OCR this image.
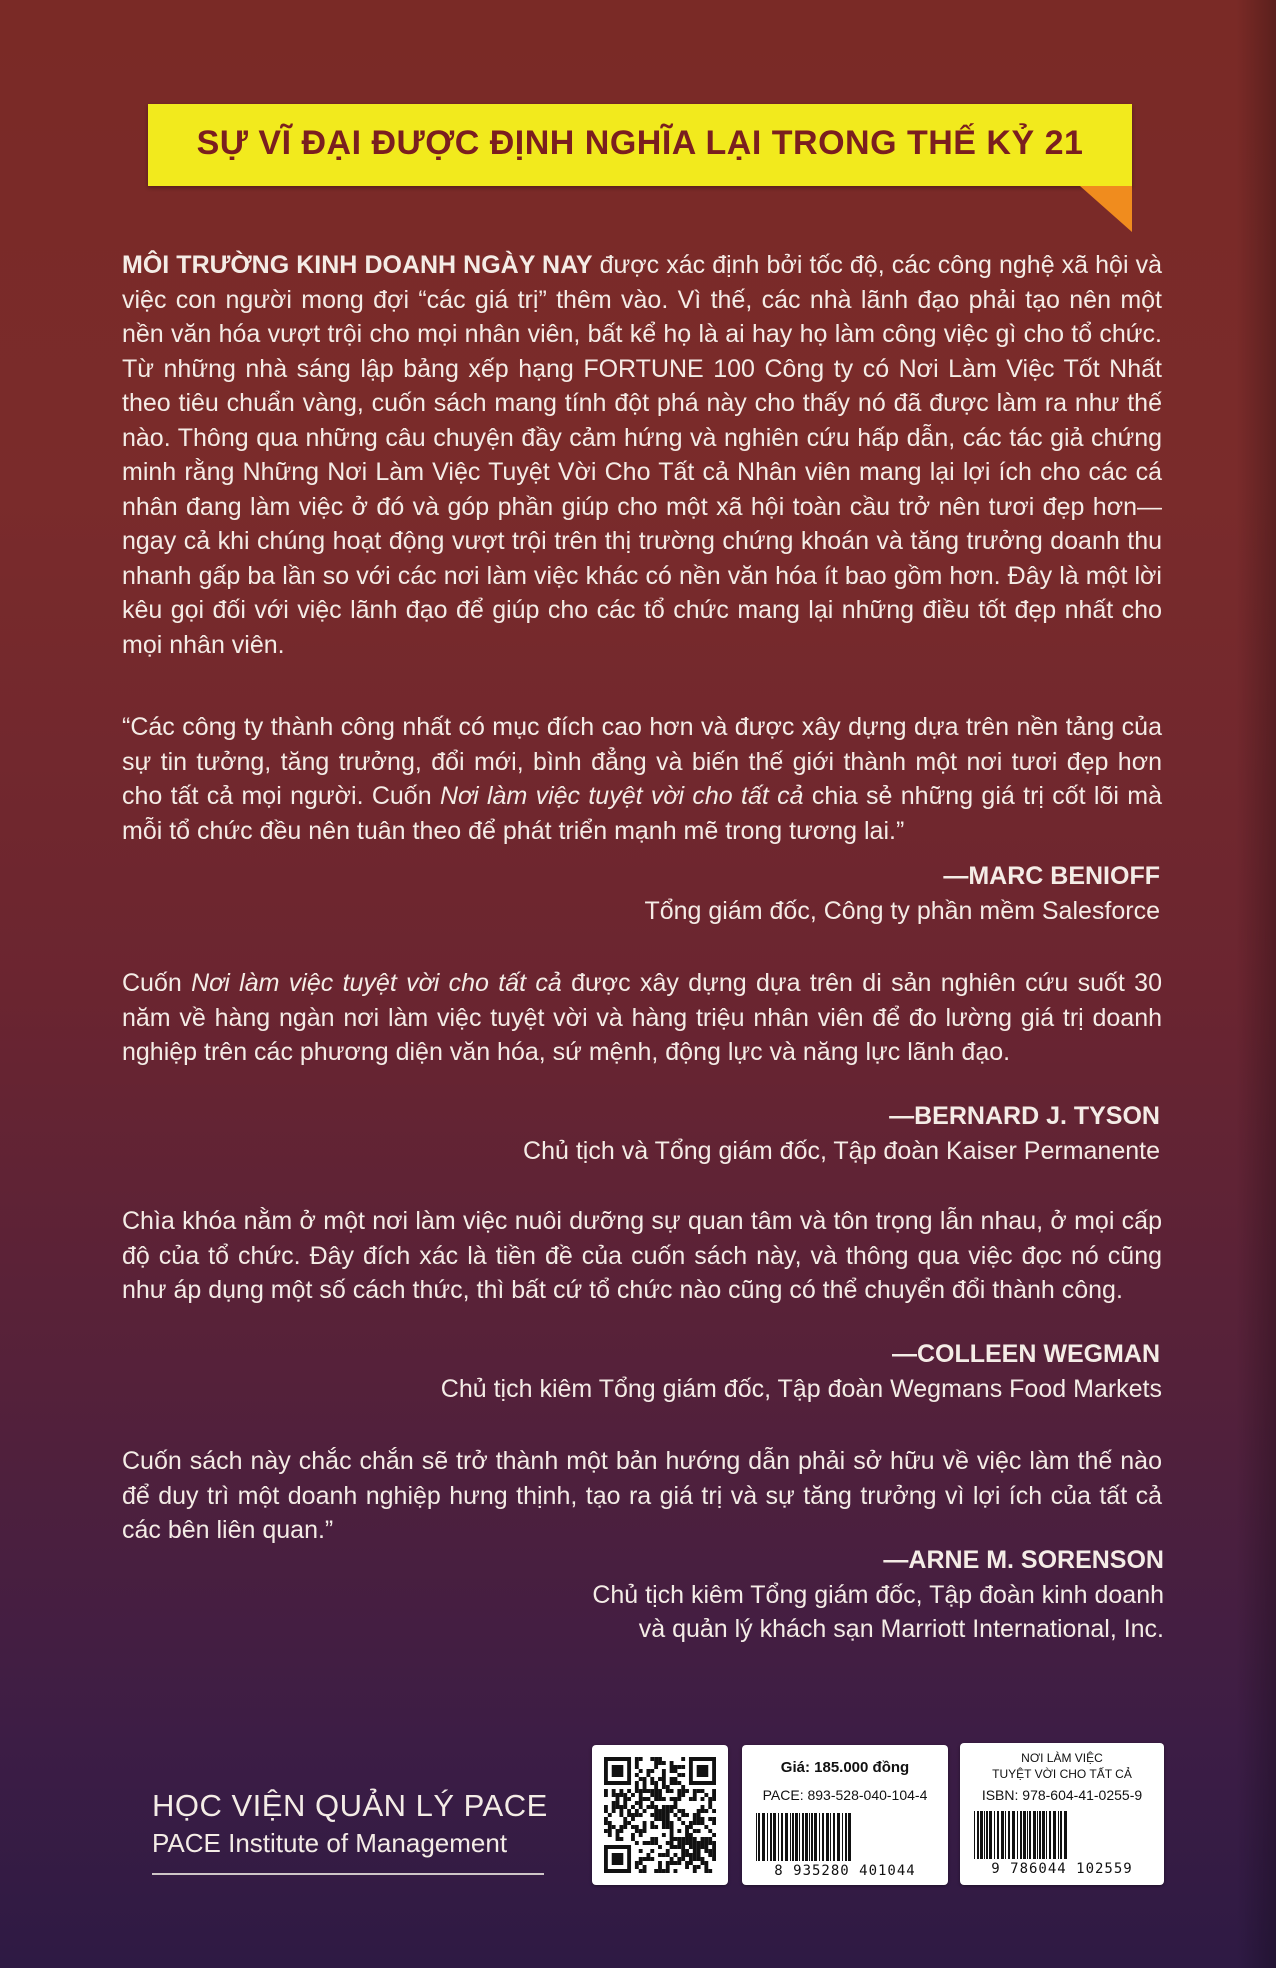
SỰ VĨ ĐẠI ĐƯỢC ĐỊNH NGHĨA LẠI TRONG THẾ KỶ 21
MÔI TRƯỜNG KINH DOANH NGÀY NAY được xác định bởi tốc độ, các công nghệ xã hội và việc con người mong đợi “các giá trị” thêm vào. Vì thế, các nhà lãnh đạo phải tạo nên một nền văn hóa vượt trội cho mọi nhân viên, bất kể họ là ai hay họ làm công việc gì cho tổ chức. Từ những nhà sáng lập bảng xếp hạng FORTUNE 100 Công ty có Nơi Làm Việc Tốt Nhất theo tiêu chuẩn vàng, cuốn sách mang tính đột phá này cho thấy nó đã được làm ra như thế nào. Thông qua những câu chuyện đầy cảm hứng và nghiên cứu hấp dẫn, các tác giả chứng minh rằng Những Nơi Làm Việc Tuyệt Vời Cho Tất cả Nhân viên mang lại lợi ích cho các cá nhân đang làm việc ở đó và góp phần giúp cho một xã hội toàn cầu trở nên tươi đẹp hơn—ngay cả khi chúng hoạt động vượt trội trên thị trường chứng khoán và tăng trưởng doanh thu nhanh gấp ba lần so với các nơi làm việc khác có nền văn hóa ít bao gồm hơn. Đây là một lời kêu gọi đối với việc lãnh đạo để giúp cho các tổ chức mang lại những điều tốt đẹp nhất cho mọi nhân viên.
“Các công ty thành công nhất có mục đích cao hơn và được xây dựng dựa trên nền tảng của sự tin tưởng, tăng trưởng, đổi mới, bình đẳng và biến thế giới thành một nơi tươi đẹp hơn cho tất cả mọi người. Cuốn Nơi làm việc tuyệt vời cho tất cả chia sẻ những giá trị cốt lõi mà mỗi tổ chức đều nên tuân theo để phát triển mạnh mẽ trong tương lai.”
—MARC BENIOFF
Tổng giám đốc, Công ty phần mềm Salesforce
Cuốn Nơi làm việc tuyệt vời cho tất cả được xây dựng dựa trên di sản nghiên cứu suốt 30 năm về hàng ngàn nơi làm việc tuyệt vời và hàng triệu nhân viên để đo lường giá trị doanh nghiệp trên các phương diện văn hóa, sứ mệnh, động lực và năng lực lãnh đạo.
—BERNARD J. TYSON
Chủ tịch và Tổng giám đốc, Tập đoàn Kaiser Permanente
Chìa khóa nằm ở một nơi làm việc nuôi dưỡng sự quan tâm và tôn trọng lẫn nhau, ở mọi cấp độ của tổ chức. Đây đích xác là tiền đề của cuốn sách này, và thông qua việc đọc nó cũng như áp dụng một số cách thức, thì bất cứ tổ chức nào cũng có thể chuyển đổi thành công.
—COLLEEN WEGMAN
Chủ tịch kiêm Tổng giám đốc, Tập đoàn Wegmans Food Markets
Cuốn sách này chắc chắn sẽ trở thành một bản hướng dẫn phải sở hữu về việc làm thế nào để duy trì một doanh nghiệp hưng thịnh, tạo ra giá trị và sự tăng trưởng vì lợi ích của tất cả các bên liên quan.”
—ARNE M. SORENSON
Chủ tịch kiêm Tổng giám đốc, Tập đoàn kinh doanh
và quản lý khách sạn Marriott International, Inc.
HỌC VIỆN QUẢN LÝ PACE
PACE Institute of Management
Giá: 185.000 đồng
PACE: 893-528-040-104-4
8 935280 401044
NƠI LÀM VIỆC
TUYỆT VỜI CHO TẤT CẢ
ISBN: 978-604-41-0255-9
9 786044 102559
